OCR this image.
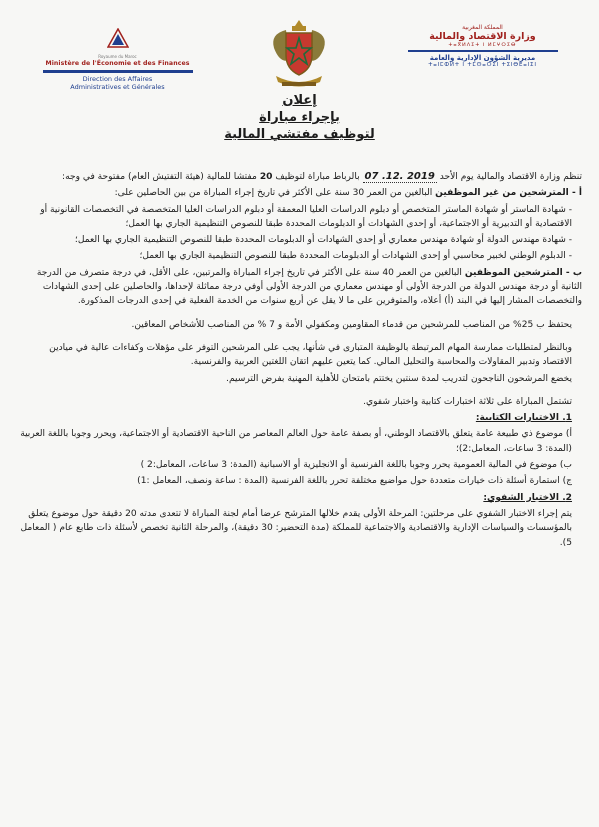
Royaume du Maroc
Ministère de l'Économie et des Finances
Direction des Affaires
Administratives et Générales
المملكة المغربية
وزارة الاقتصاد والمالية
ⵜⴰⴳⵍⴷⵉⵜ ⵏ ⵍⵎⵖⵔⵉⴱ
مديرية الشؤون الإدارية والعامة
ⵜⴰⵏⵎⵀⵍⵜ ⵏ ⵜⵎⵙⴰⵔⵉⵏ ⵜⵉⵏⴱⴹⴰⵏⵉⵏ
إعلان
بإجراء مباراة
لتوظيف مفتشي المالية

تنظم وزارة الاقتصاد والمالية يوم الأحد 2019 .12. 07 بالرباط مباراة لتوظيف 20 مفتشا للمالية (هيئة التفتيش العام) مفتوحة في وجه:

أ - المترشحين من غير الموظفين البالغين من العمر 30 سنة على الأكثر في تاريخ إجراء المباراة من بين الحاصلين على:

- شهادة الماستر أو شهادة الماستر المتخصص أو دبلوم الدراسات العليا المعمقة أو دبلوم الدراسات العليا المتخصصة في التخصصات القانونية أو الاقتصادية أو التدبيرية أو الاجتماعية، أو إحدى الشهادات أو الدبلومات المحددة طبقا للنصوص التنظيمية الجاري بها العمل؛

- شهادة مهندس الدولة أو شهادة مهندس معماري أو إحدى الشهادات أو الدبلومات المحددة طبقا للنصوص التنظيمية الجاري بها العمل؛

- الدبلوم الوطني لخبير محاسبي أو إحدى الشهادات أو الدبلومات المحددة طبقا للنصوص التنظيمية الجاري بها العمل؛

ب - المترشحين الموظفين البالغين من العمر 40 سنة على الأكثر في تاريخ إجراء المباراة والمرتبين، على الأقل، في درجة متصرف من الدرجة الثانية أو درجة مهندس الدولة من الدرجة الأولى أو مهندس معماري من الدرجة الأولى أوفي درجة مماثلة لإحداها، والحاصلين على إحدى الشهادات والتخصصات المشار إليها في البند (أ) أعلاه، والمتوفرين على ما لا يقل عن أربع سنوات من الخدمة الفعلية في إحدى الدرجات المذكورة.

يحتفظ ب 25% من المناصب للمرشحين من قدماء المقاومين ومكفولي الأمة و 7 % من المناصب للأشخاص المعاقين.

وبالنظر لمتطلبات ممارسة المهام المرتبطة بالوظيفة المتبارى في شأنها، يجب على المرشحين التوفر على مؤهلات وكفاءات عالية في ميادين الاقتصاد وتدبير المقاولات والمحاسبة والتحليل المالي. كما يتعين عليهم اتقان اللغتين العربية والفرنسية.

يخضع المرشحون الناجحون لتدريب لمدة سنتين يختتم بامتحان للأهلية المهنية بفرض الترسيم.

تشتمل المباراة على ثلاثة اختبارات كتابية واختبار شفوي.

1. الاختبارات الكتابية:

أ) موضوع ذي طبيعة عامة يتعلق بالاقتصاد الوطني، أو بصفة عامة حول العالم المعاصر من الناحية الاقتصادية أو الاجتماعية، ويحرر وجوبا باللغة العربية (المدة: 3 ساعات، المعامل:2)؛

ب) موضوع في المالية العمومية يحرر وجوبا باللغة الفرنسية أو الانجليزية أو الاسبانية (المدة: 3 ساعات، المعامل:2 )

ج) استمارة أسئلة ذات خيارات متعددة حول مواضيع مختلفة تحرر باللغة الفرنسية (المدة : ساعة ونصف، المعامل :1)

2. الاختبار الشفوي:

يتم إجراء الاختبار الشفوي على مرحلتين: المرحلة الأولى يقدم خلالها المترشح عرضا أمام لجنة المباراة لا تتعدى مدته 20 دقيقة حول موضوع يتعلق بالمؤسسات والسياسات الإدارية والاقتصادية والاجتماعية للمملكة (مدة التحضير: 30 دقيقة)، والمرحلة الثانية تخصص لأسئلة ذات طابع عام ( المعامل 5).
